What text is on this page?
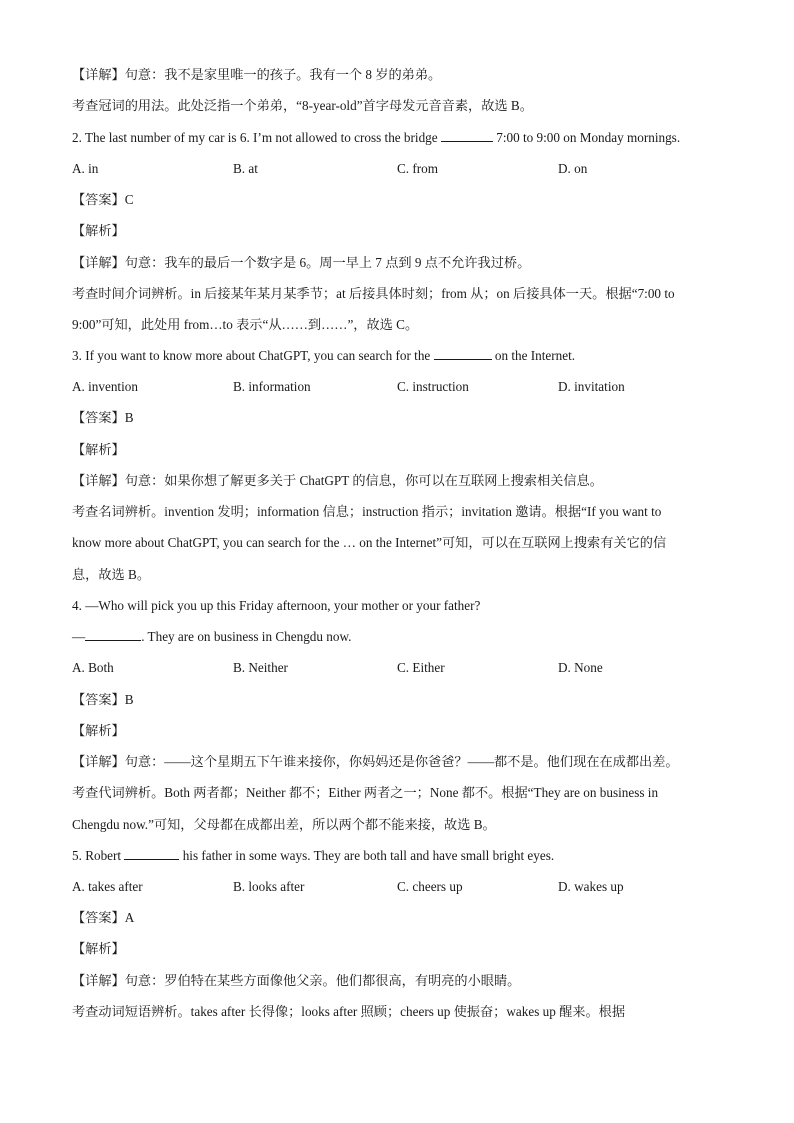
【详解】句意：我不是家里唯一的孩子。我有一个 8 岁的弟弟。
考查冠词的用法。此处泛指一个弟弟，“8-year-old”首字母发元音音素，故选 B。
2. The last number of my car is 6. I’m not allowed to cross the bridge	7:00 to 9:00 on Monday mornings.
A. in	B. at	C. from	D. on
【答案】C
【解析】
【详解】句意：我车的最后一个数字是 6。周一早上 7 点到 9 点不允许我过桥。
考查时间介词辨析。in 后接某年某月某季节；at 后接具体时刻；from 从；on 后接具体一天。根据“7:00 to
9:00”可知，此处用 from…to 表示“从……到……”，故选 C。
3. If you want to know more about ChatGPT, you can search for the	on the Internet.
A. invention	B. information	C. instruction	D. invitation
【答案】B
【解析】
【详解】句意：如果你想了解更多关于 ChatGPT 的信息，你可以在互联网上搜索相关信息。
考查名词辨析。invention 发明；information 信息；instruction 指示；invitation 邀请。根据“If you want to
know more about ChatGPT, you can search for the … on the Internet”可知，可以在互联网上搜索有关它的信
息，故选 B。
4. —Who will pick you up this Friday afternoon, your mother or your father?
—	. They are on business in Chengdu now.
A. Both	B. Neither	C. Either	D. None
【答案】B
【解析】
【详解】句意：——这个星期五下午谁来接你，你妈妈还是你爸爸？——都不是。他们现在在成都出差。
考查代词辨析。Both 两者都；Neither 都不；Either 两者之一；None 都不。根据“They are on business in
Chengdu now.”可知，父母都在成都出差，所以两个都不能来接，故选 B。
5. Robert	his father in some ways. They are both tall and have small bright eyes.
A. takes after	B. looks after	C. cheers up	D. wakes up
【答案】A
【解析】
【详解】句意：罗伯特在某些方面像他父亲。他们都很高，有明亮的小眼睛。
考查动词短语辨析。takes after 长得像；looks after 照顾；cheers up 使振奋；wakes up 醒来。根据
